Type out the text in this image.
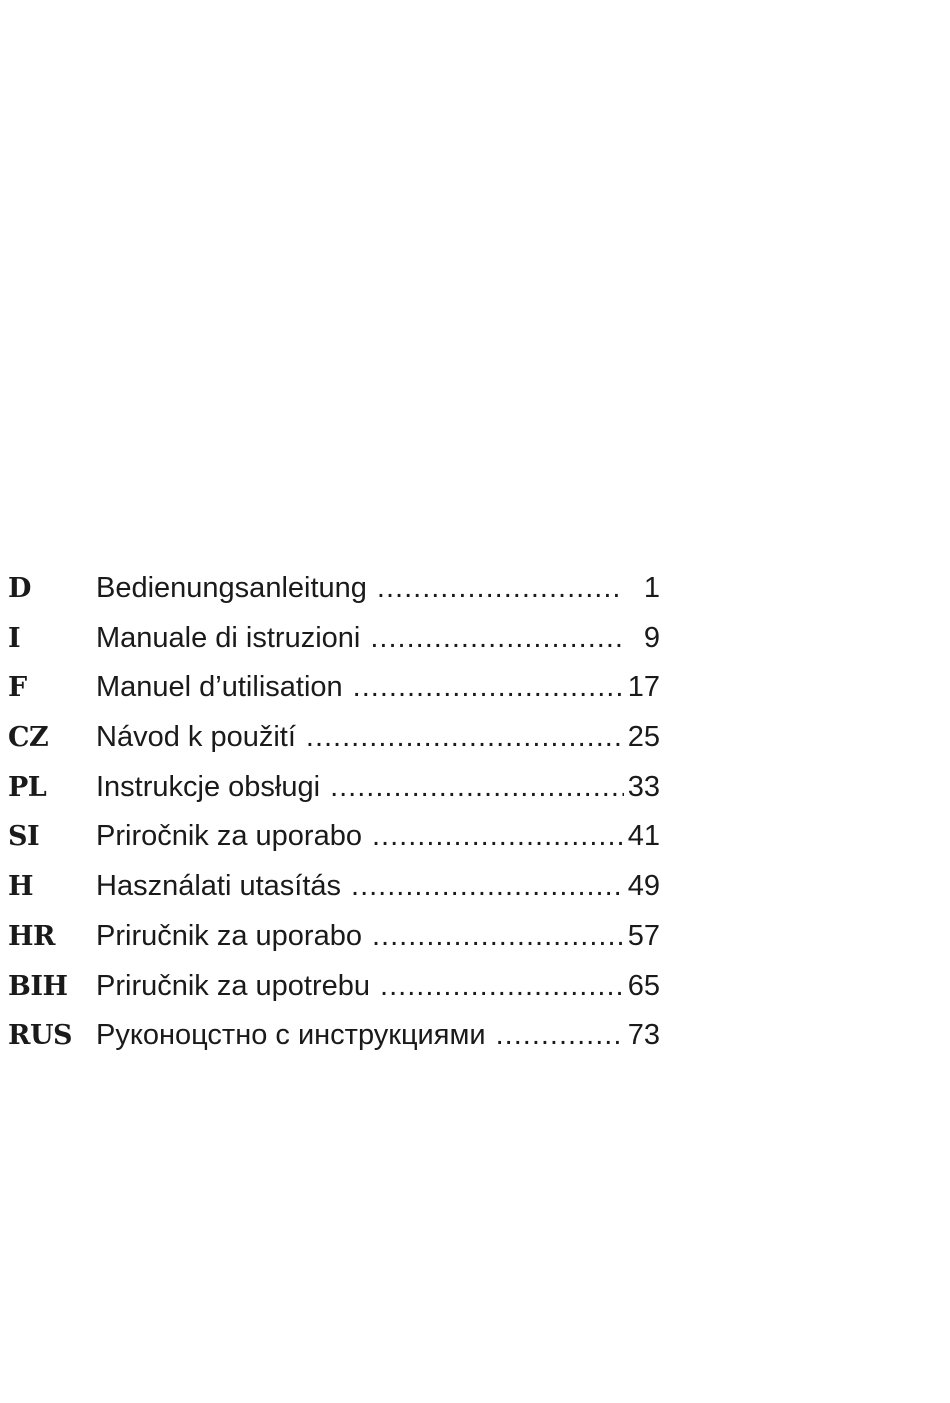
D	Bedienungsanleitung .....	1
I	Manuale di istruzioni .....	9
F	Manuel d’utilisation .....	17
CZ	Návod k použití .....	25
PL	Instrukcje obsługi .....	33
SI	Priročnik za uporabo .....	41
H	Használati utasítás .....	49
HR	Priručnik za uporabo .....	57
BIH Priručnik za upotrebu .....	65
RUS Руконоцстно с инструкциями .....	73
